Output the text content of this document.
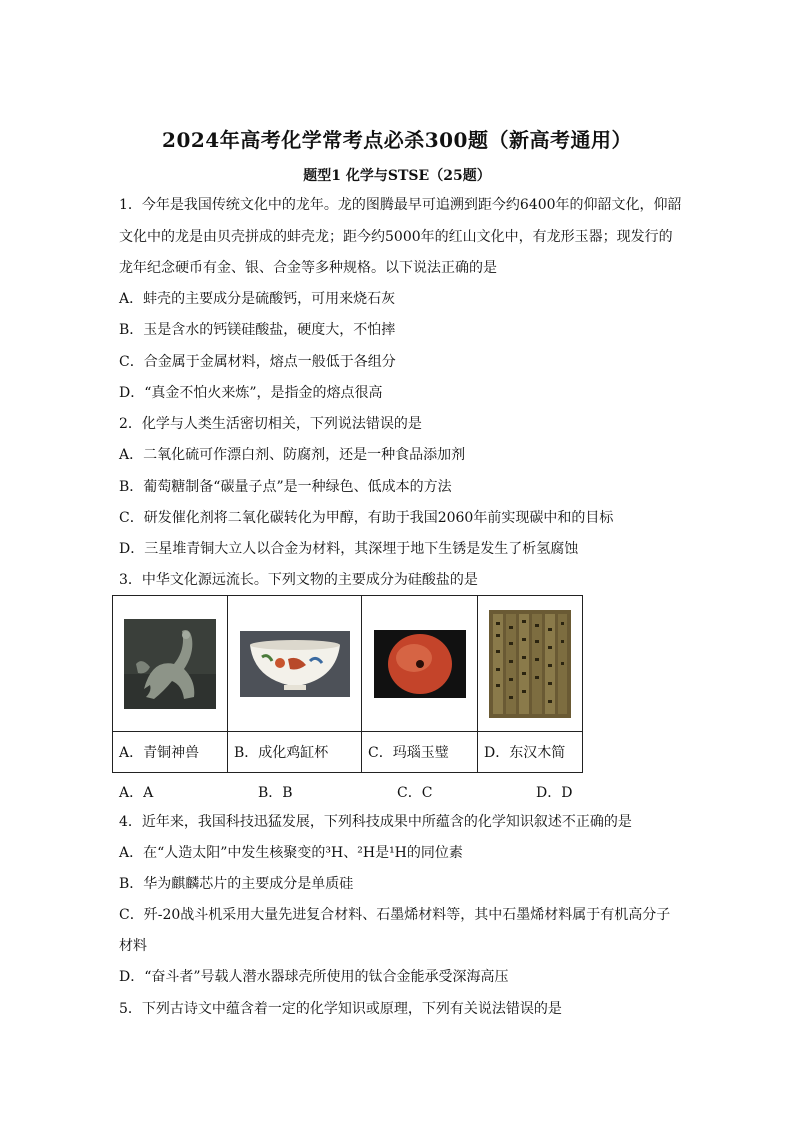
2024年高考化学常考点必杀300题（新高考通用）
题型1 化学与STSE（25题）
1．今年是我国传统文化中的龙年。龙的图腾最早可追溯到距今约6400年的仰韶文化，仰韶
文化中的龙是由贝壳拼成的蚌壳龙；距今约5000年的红山文化中，有龙形玉器；现发行的
龙年纪念硬币有金、银、合金等多种规格。以下说法正确的是
A．蚌壳的主要成分是硫酸钙，可用来烧石灰
B．玉是含水的钙镁硅酸盐，硬度大，不怕摔
C．合金属于金属材料，熔点一般低于各组分
D．“真金不怕火来炼”，是指金的熔点很高
2．化学与人类生活密切相关，下列说法错误的是
A．二氧化硫可作漂白剂、防腐剂，还是一种食品添加剂
B．葡萄糖制备“碳量子点”是一种绿色、低成本的方法
C．研发催化剂将二氧化碳转化为甲醇，有助于我国2060年前实现碳中和的目标
D．三星堆青铜大立人以合金为材料，其深埋于地下生锈是发生了析氢腐蚀
3．中华文化源远流长。下列文物的主要成分为硅酸盐的是

A．青铜神兽	B．成化鸡缸杯	C．玛瑙玉璧	D．东汉木简
A．A	B．B	C．C	D．D
4．近年来，我国科技迅猛发展，下列科技成果中所蕴含的化学知识叙述不正确的是
A．在“人造太阳”中发生核聚变的³H、²H是¹H的同位素
B．华为麒麟芯片的主要成分是单质硅
C．歼-20战斗机采用大量先进复合材料、石墨烯材料等，其中石墨烯材料属于有机高分子
材料
D．“奋斗者”号载人潜水器球壳所使用的钛合金能承受深海高压
5．下列古诗文中蕴含着一定的化学知识或原理，下列有关说法错误的是
